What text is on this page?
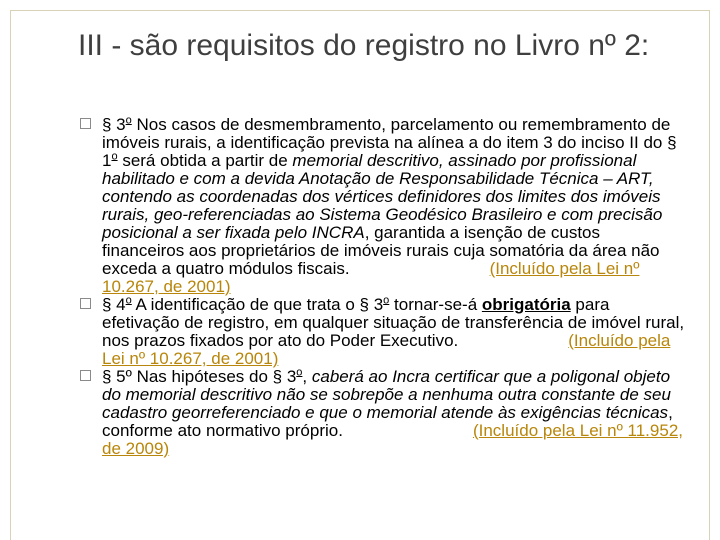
III - são requisitos do registro no Livro nº 2:
§ 3$^o$ Nos casos de desmembramento, parcelamento ou remembramento de imóveis rurais, a identificação prevista na alínea a do item 3 do inciso II do § 1$^o$ será obtida a partir de memorial descritivo, assinado por profissional habilitado e com a devida Anotação de Responsabilidade Técnica – ART, contendo as coordenadas dos vértices definidores dos limites dos imóveis rurais, geo-referenciadas ao Sistema Geodésico Brasileiro e com precisão posicional a ser fixada pelo INCRA, garantida a isenção de custos financeiros aos proprietários de imóveis rurais cuja somatória da área não exceda a quatro módulos fiscais.	(Incluído pela Lei nº 10.267, de 2001)
§ 4$^o$ A identificação de que trata o § 3$^o$ tornar-se-á obrigatória para efetivação de registro, em qualquer situação de transferência de imóvel rural, nos prazos fixados por ato do Poder Executivo.	(Incluído pela Lei nº 10.267, de 2001)
§ 5º Nas hipóteses do § 3$^o$, caberá ao Incra certificar que a poligonal objeto do memorial descritivo não se sobrepõe a nenhuma outra constante de seu cadastro georreferenciado e que o memorial atende às exigências técnicas, conforme ato normativo próprio.	(Incluído pela Lei nº 11.952, de 2009)
